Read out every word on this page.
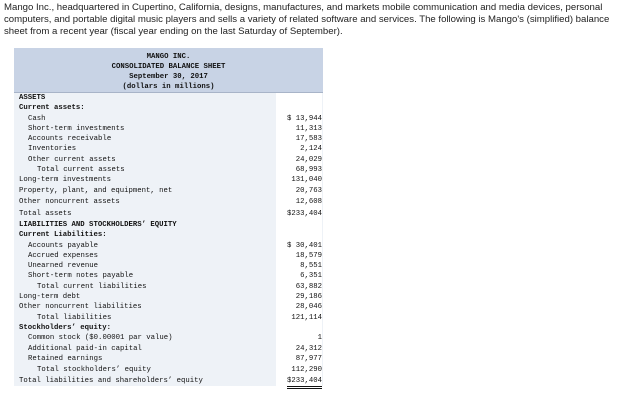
Mango Inc., headquartered in Cupertino, California, designs, manufactures, and markets mobile communication and media devices, personal computers, and portable digital music players and sells a variety of related software and services. The following is Mango's (simplified) balance sheet from a recent year (fiscal year ending on the last Saturday of September).
MANGO INC.
CONSOLIDATED BALANCE SHEET
September 30, 2017
(dollars in millions)
ASSETS
Current assets:
Cash	$ 13,944
Short-term investments	11,313
Accounts receivable	17,583
Inventories	2,124
Other current assets	24,029
Total current assets	68,993
Long-term investments	131,040
Property, plant, and equipment, net	20,763
Other noncurrent assets	12,608
Total assets	$233,404
LIABILITIES AND STOCKHOLDERS’ EQUITY
Current Liabilities:
Accounts payable	$ 30,401
Accrued expenses	18,579
Unearned revenue	8,551
Short-term notes payable	6,351
Total current liabilities	63,882
Long-term debt	29,186
Other noncurrent liabilities	28,046
Total liabilities	121,114
Stockholders’ equity:
Common stock ($0.00001 par value)	1
Additional paid-in capital	24,312
Retained earnings	87,977
Total stockholders’ equity	112,290
Total liabilities and shareholders’ equity	$233,404
